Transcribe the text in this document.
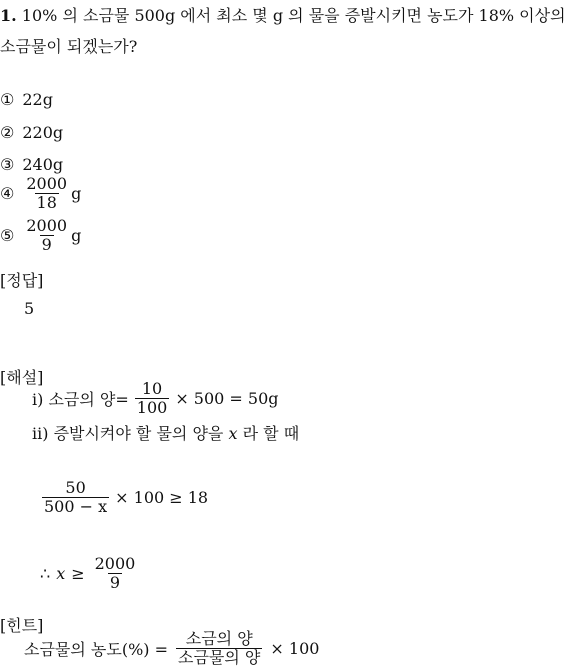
1. 10% 의 소금물 500g 에서 최소 몇 g 의 물을 증발시키면 농도가 18% 이상의
소금물이 되겠는가?
① 22g
② 220g
③ 240g
④ $\frac{2000}{18}$ g
⑤ $\frac{2000}{9}$ g
[정답]
5
[해설]
ⅰ) 소금의 양= $\frac{10}{100} \times 500 = 50g$
ⅱ) 증발시켜야 할 물의 양을 x 라 할 때
$\frac{50}{500 - x} \times 100 \ge 18$
∴ $x \ge \frac{2000}{9}$
[힌트]
소금물의 농도(%) = $\frac{\text{소금의 양}}{\text{소금물의 양}} \times 100$
